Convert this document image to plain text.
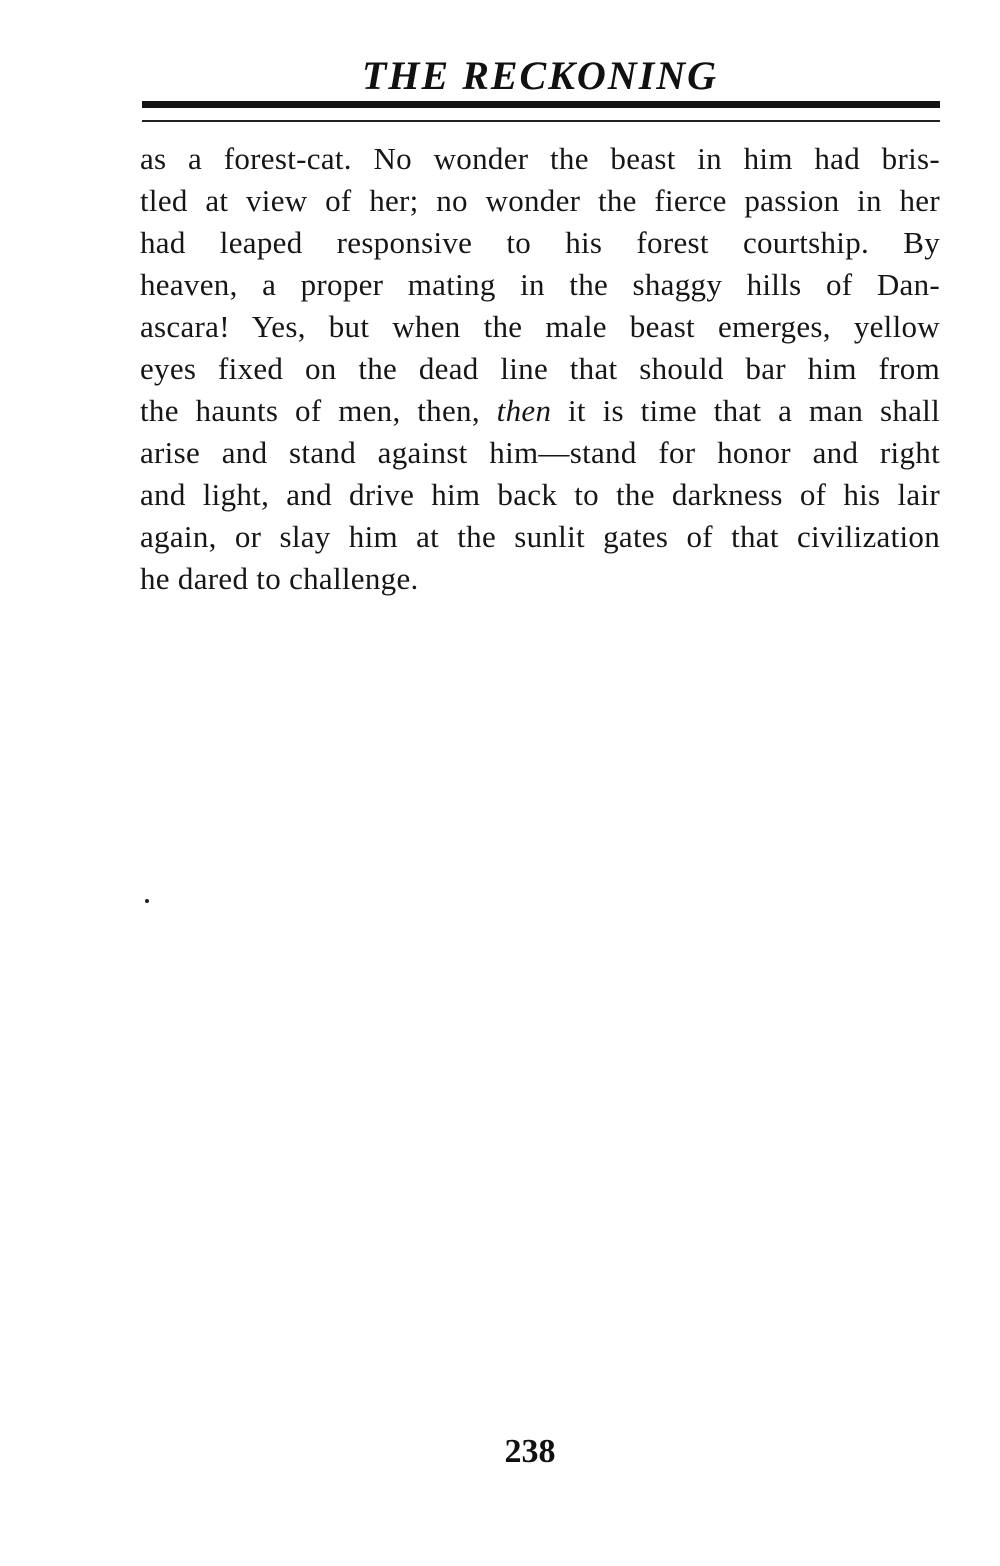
THE RECKONING
as a forest-cat. No wonder the beast in him had bris-
tled at view of her; no wonder the fierce passion in her
had leaped responsive to his forest courtship. By
heaven, a proper mating in the shaggy hills of Dan-
ascara! Yes, but when the male beast emerges, yellow
eyes fixed on the dead line that should bar him from
the haunts of men, then, then it is time that a man shall
arise and stand against him—stand for honor and right
and light, and drive him back to the darkness of his lair
again, or slay him at the sunlit gates of that civilization
he dared to challenge.

238
